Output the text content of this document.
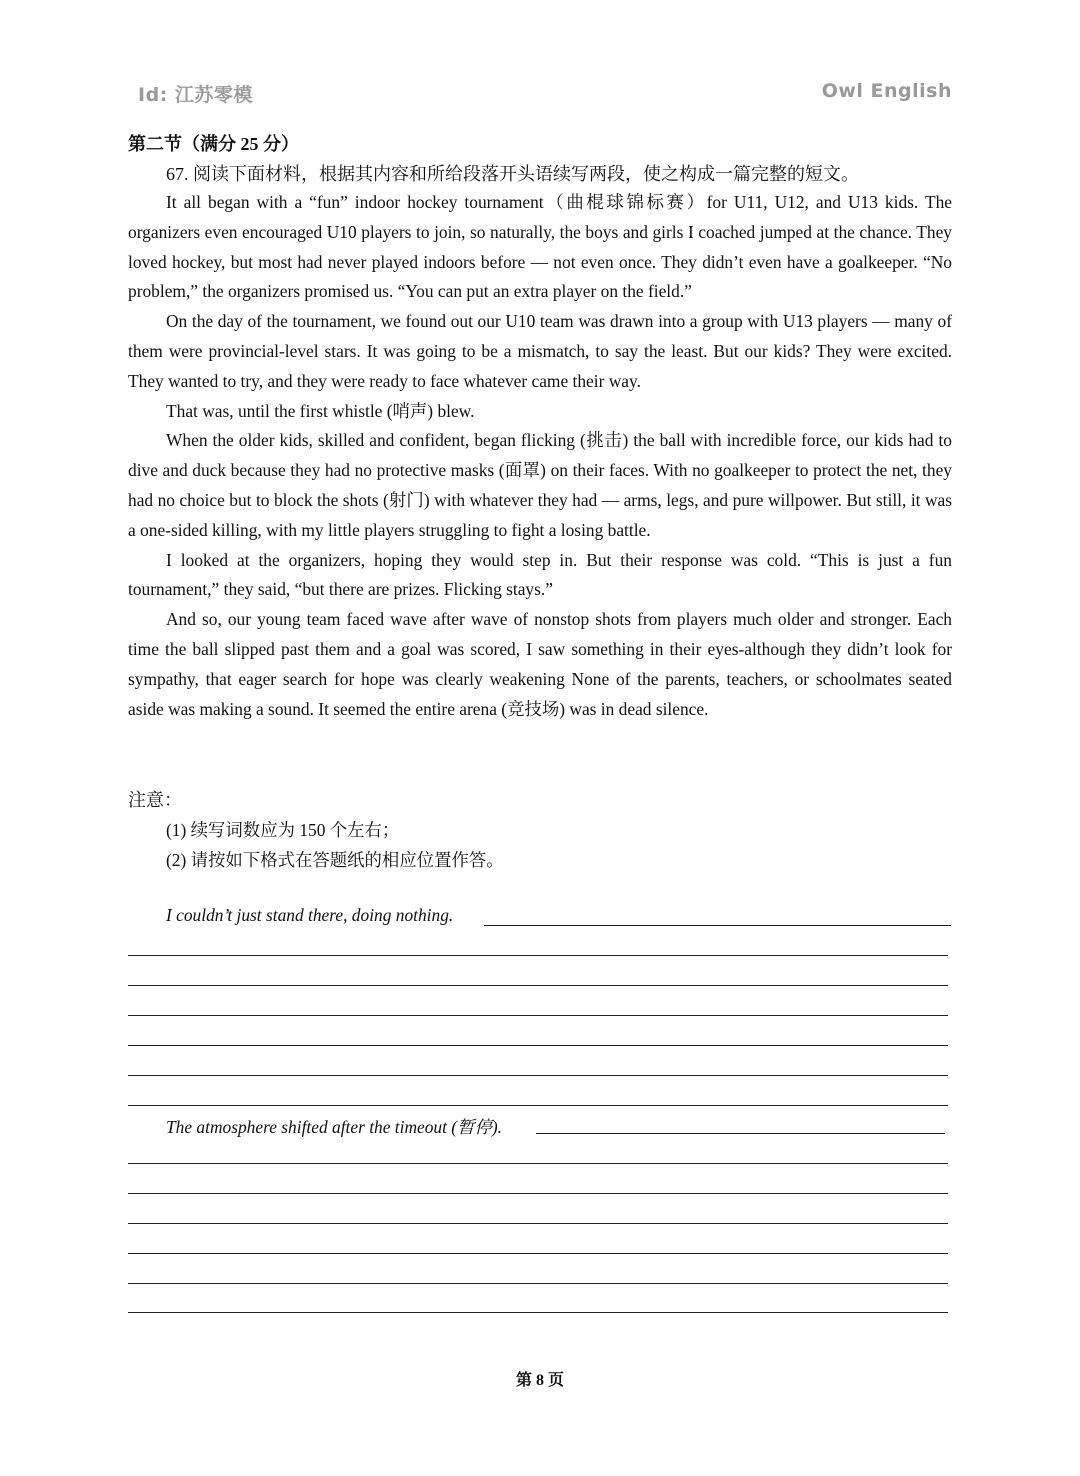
Id: 江苏零模	Owl English
第二节（满分 25 分）
67. 阅读下面材料，根据其内容和所给段落开头语续写两段，使之构成一篇完整的短文。

It all began with a “fun” indoor hockey tournament（曲棍球锦标赛）for U11, U12, and U13 kids. The organizers even encouraged U10 players to join, so naturally, the boys and girls I coached jumped at the chance. They loved hockey, but most had never played indoors before — not even once. They didn’t even have a goalkeeper. “No problem,” the organizers promised us. “You can put an extra player on the field.”

On the day of the tournament, we found out our U10 team was drawn into a group with U13 players — many of them were provincial-level stars. It was going to be a mismatch, to say the least. But our kids? They were excited. They wanted to try, and they were ready to face whatever came their way.

That was, until the first whistle (哨声) blew.

When the older kids, skilled and confident, began flicking (挑击) the ball with incredible force, our kids had to dive and duck because they had no protective masks (面罩) on their faces. With no goalkeeper to protect the net, they had no choice but to block the shots (射门) with whatever they had — arms, legs, and pure willpower. But still, it was a one-sided killing, with my little players struggling to fight a losing battle.

I looked at the organizers, hoping they would step in. But their response was cold. “This is just a fun tournament,” they said, “but there are prizes. Flicking stays.”

And so, our young team faced wave after wave of nonstop shots from players much older and stronger. Each time the ball slipped past them and a goal was scored, I saw something in their eyes-although they didn’t look for sympathy, that eager search for hope was clearly weakening None of the parents, teachers, or schoolmates seated aside was making a sound. It seemed the entire arena (竞技场) was in dead silence.

注意：
(1) 续写词数应为 150 个左右；
(2) 请按如下格式在答题纸的相应位置作答。
I couldn’t just stand there, doing nothing.
The atmosphere shifted after the timeout (暂停).
第 8 页
